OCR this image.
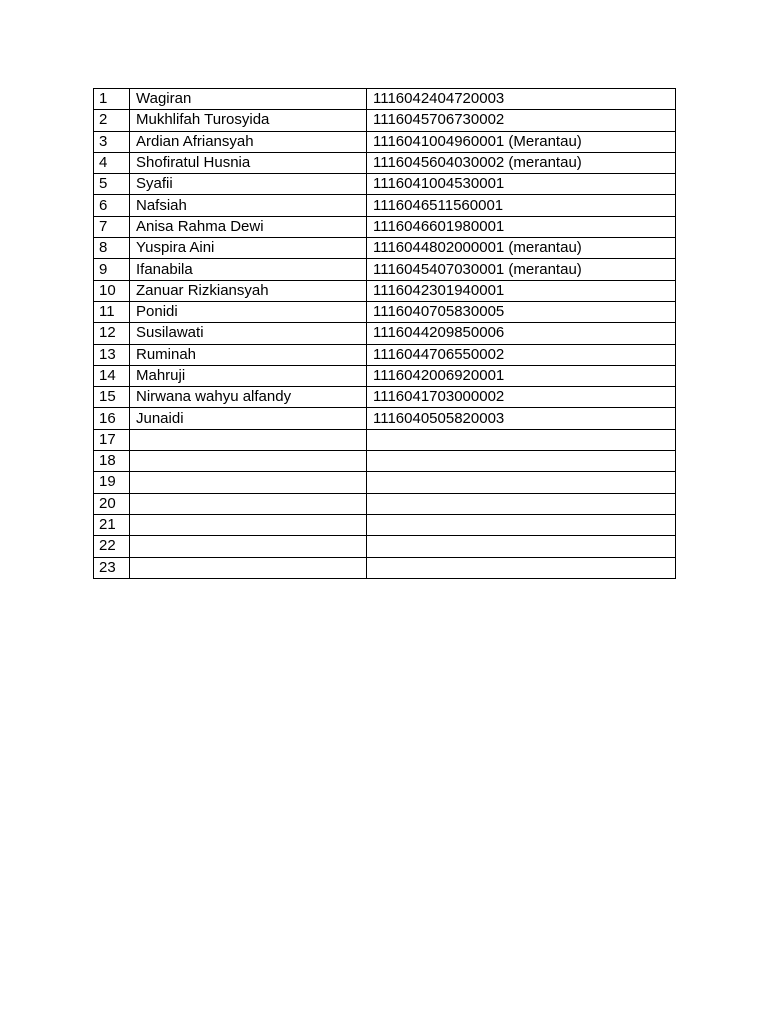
1	Wagiran	1116042404720003
2	Mukhlifah Turosyida	1116045706730002
3	Ardian Afriansyah	1116041004960001 (Merantau)
4	Shofiratul Husnia	1116045604030002 (merantau)
5	Syafii	1116041004530001
6	Nafsiah	1116046511560001
7	Anisa Rahma Dewi	1116046601980001
8	Yuspira Aini	1116044802000001 (merantau)
9	Ifanabila	1116045407030001 (merantau)
10	Zanuar Rizkiansyah	1116042301940001
11	Ponidi	1116040705830005
12	Susilawati	1116044209850006
13	Ruminah	1116044706550002
14	Mahruji	1116042006920001
15	Nirwana wahyu alfandy	1116041703000002
16	Junaidi	1116040505820003
17		
18		
19		
20		
21		
22		
23		
